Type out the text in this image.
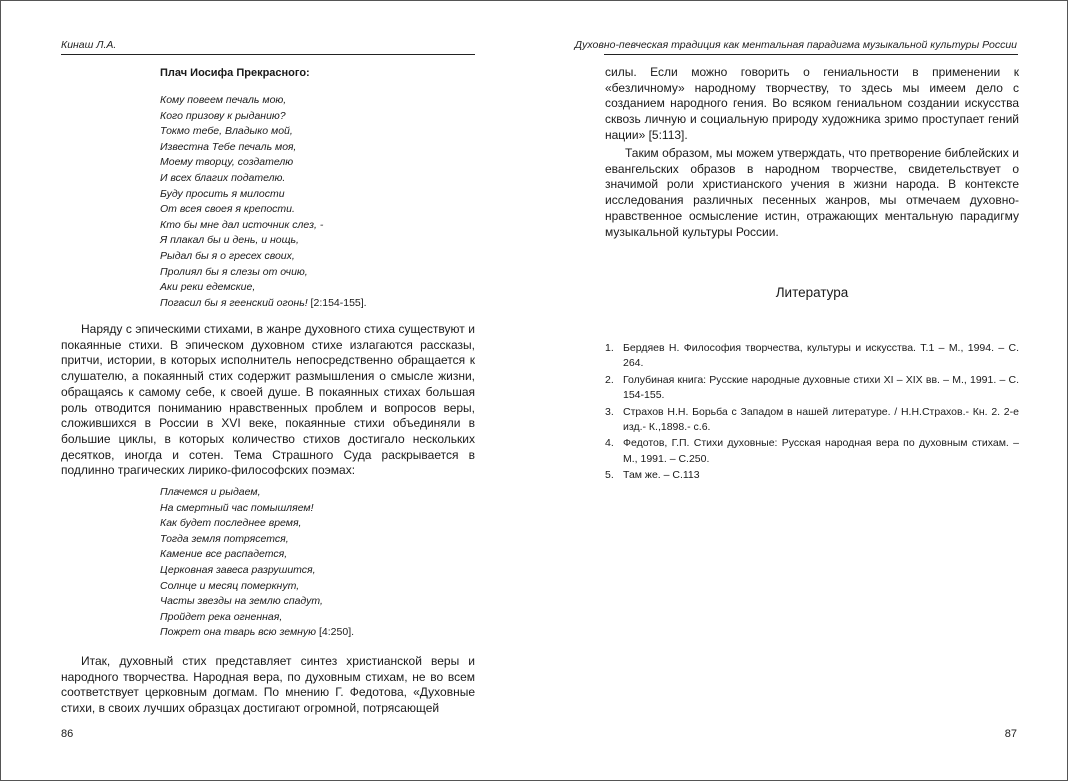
Кинаш Л.А.
Плач Иосифа Прекрасного:
Кому повеем печаль мою,
Кого призову к рыданию?
Токмо тебе, Владыко мой,
Известна Тебе печаль моя,
Моему творцу, создателю
И всех благих подателю.
Буду просить я милости
От всея своея я крепости.
Кто бы мне дал источник слез, -
Я плакал бы и день, и нощь,
Рыдал бы я о гресех своих,
Пролиял бы я слезы от очию,
Аки реки едемские,
Погасил бы я геенский огонь! [2:154-155].
Наряду с эпическими стихами, в жанре духовного стиха существуют и покаянные стихи. В эпическом духовном стихе излагаются рассказы, притчи, истории, в которых исполнитель непосредственно обращается к слушателю, а покаянный стих содержит размышления о смысле жизни, обращаясь к самому себе, к своей душе. В покаянных стихах большая роль отводится пониманию нравственных проблем и вопросов веры, сложившихся в России в XVI веке, покаянные стихи объединяли в большие циклы, в которых количество стихов достигало нескольких десятков, иногда и сотен. Тема Страшного Суда раскрывается в подлинно трагических лирико-философских поэмах:
Плачемся и рыдаем,
На смертный час помышляем!
Как будет последнее время,
Тогда земля потрясется,
Камение все распадется,
Церковная завеса разрушится,
Солнце и месяц померкнут,
Часты звезды на землю спадут,
Пройдет река огненная,
Пожрет она тварь всю земную [4:250].
Итак, духовный стих представляет синтез христианской веры и народного творчества. Народная вера, по духовным стихам, не во всем соответствует церковным догмам. По мнению Г. Федотова, «Духовные стихи, в своих лучших образцах достигают огромной, потрясающей
86
Духовно-певческая традиция как ментальная парадигма музыкальной культуры России
силы. Если можно говорить о гениальности в применении к «безличному» народному творчеству, то здесь мы имеем дело с созданием народного гения. Во всяком гениальном создании искусства сквозь личную и социальную природу художника зримо проступает гений нации» [5:113].
Таким образом, мы можем утверждать, что претворение библейских и евангельских образов в народном творчестве, свидетельствует о значимой роли христианского учения в жизни народа. В контексте исследования различных песенных жанров, мы отмечаем духовно-нравственное осмысление истин, отражающих ментальную парадигму музыкальной культуры России.
Литература
1. Бердяев Н. Философия творчества, культуры и искусства. Т.1 – М., 1994. – С. 264.
2. Голубиная книга: Русские народные духовные стихи XI – XIX вв. – М., 1991. – С. 154-155.
3. Страхов Н.Н. Борьба с Западом в нашей литературе. / Н.Н.Страхов.- Кн. 2. 2-е изд.- К.,1898.- с.6.
4. Федотов, Г.П. Стихи духовные: Русская народная вера по духовным стихам. – М., 1991. – С.250.
5. Там же. – С.113
87
